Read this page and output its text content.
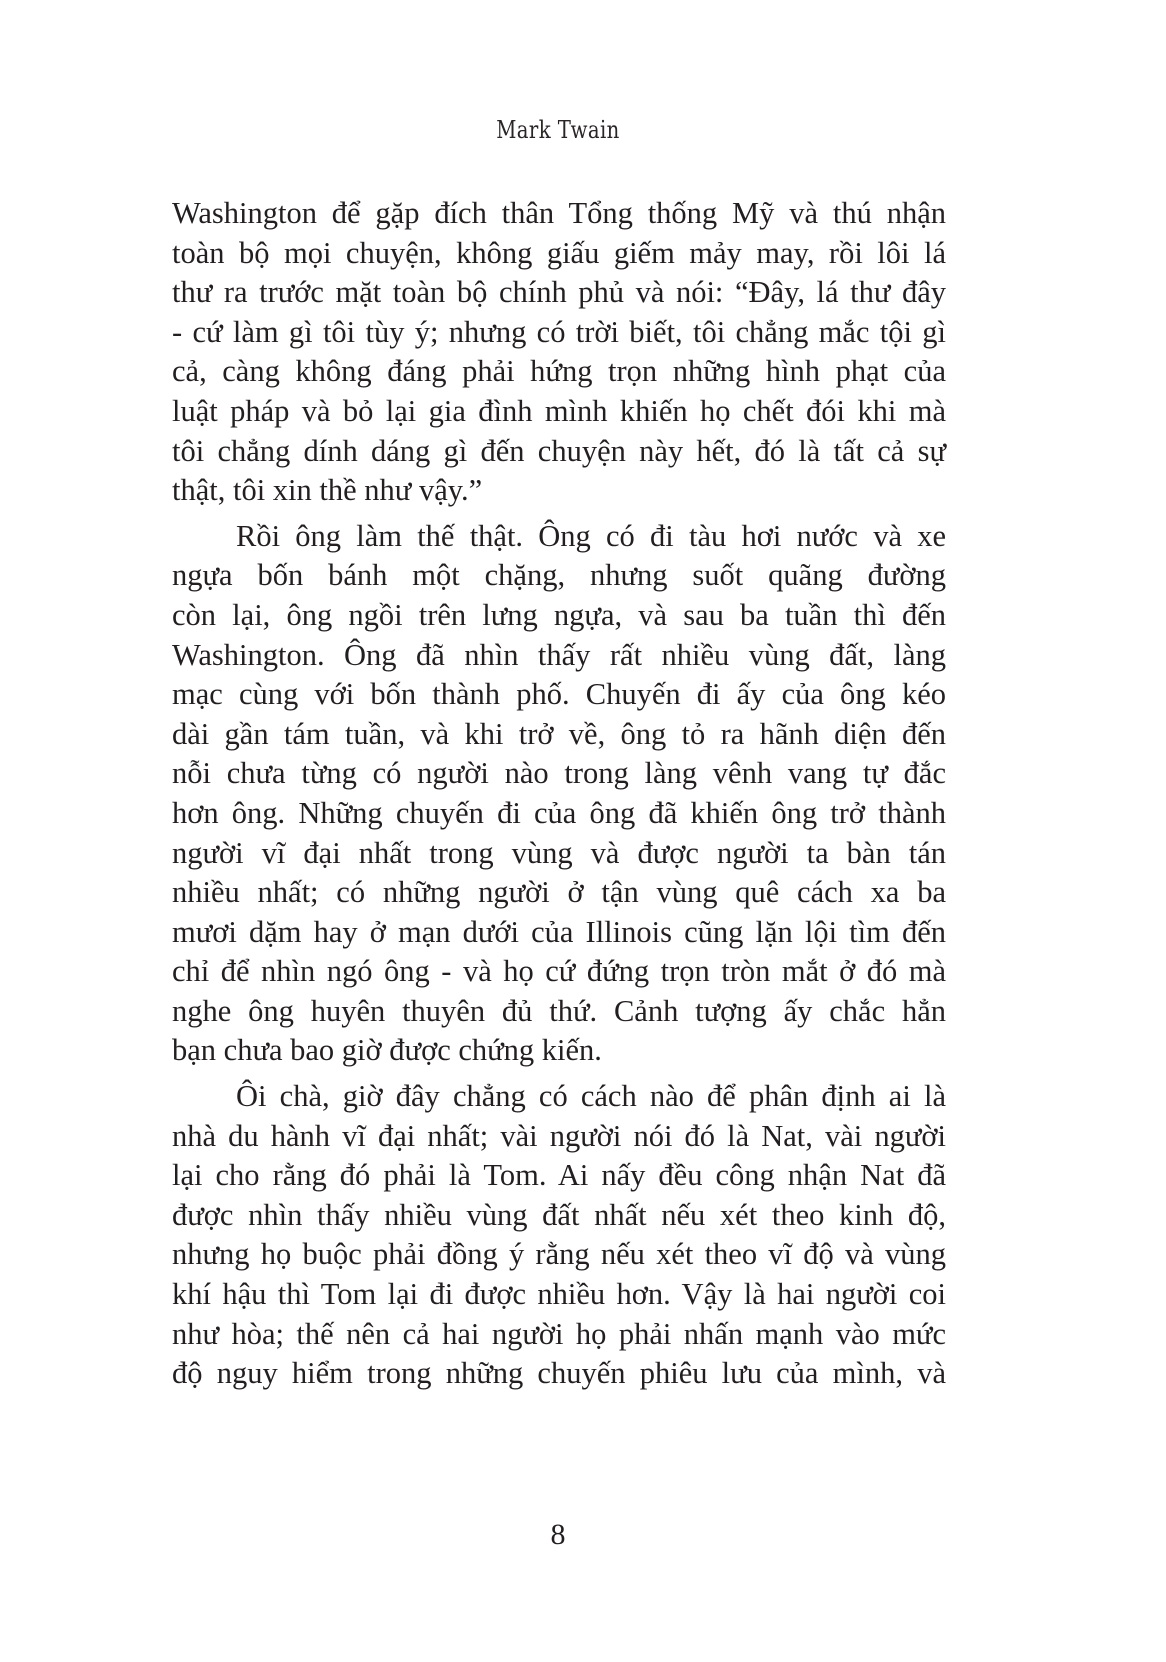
Mark Twain
Washington để gặp đích thân Tổng thống Mỹ và thú nhận
toàn bộ mọi chuyện, không giấu giếm mảy may, rồi lôi lá
thư ra trước mặt toàn bộ chính phủ và nói: “Đây, lá thư đây
- cứ làm gì tôi tùy ý; nhưng có trời biết, tôi chẳng mắc tội gì
cả, càng không đáng phải hứng trọn những hình phạt của
luật pháp và bỏ lại gia đình mình khiến họ chết đói khi mà
tôi chẳng dính dáng gì đến chuyện này hết, đó là tất cả sự
thật, tôi xin thề như vậy.”
Rồi ông làm thế thật. Ông có đi tàu hơi nước và xe
ngựa bốn bánh một chặng, nhưng suốt quãng đường
còn lại, ông ngồi trên lưng ngựa, và sau ba tuần thì đến
Washington. Ông đã nhìn thấy rất nhiều vùng đất, làng
mạc cùng với bốn thành phố. Chuyến đi ấy của ông kéo
dài gần tám tuần, và khi trở về, ông tỏ ra hãnh diện đến
nỗi chưa từng có người nào trong làng vênh vang tự đắc
hơn ông. Những chuyến đi của ông đã khiến ông trở thành
người vĩ đại nhất trong vùng và được người ta bàn tán
nhiều nhất; có những người ở tận vùng quê cách xa ba
mươi dặm hay ở mạn dưới của Illinois cũng lặn lội tìm đến
chỉ để nhìn ngó ông - và họ cứ đứng trọn tròn mắt ở đó mà
nghe ông huyên thuyên đủ thứ. Cảnh tượng ấy chắc hẳn
bạn chưa bao giờ được chứng kiến.
Ôi chà, giờ đây chẳng có cách nào để phân định ai là
nhà du hành vĩ đại nhất; vài người nói đó là Nat, vài người
lại cho rằng đó phải là Tom. Ai nấy đều công nhận Nat đã
được nhìn thấy nhiều vùng đất nhất nếu xét theo kinh độ,
nhưng họ buộc phải đồng ý rằng nếu xét theo vĩ độ và vùng
khí hậu thì Tom lại đi được nhiều hơn. Vậy là hai người coi
như hòa; thế nên cả hai người họ phải nhấn mạnh vào mức
độ nguy hiểm trong những chuyến phiêu lưu của mình, và
8
